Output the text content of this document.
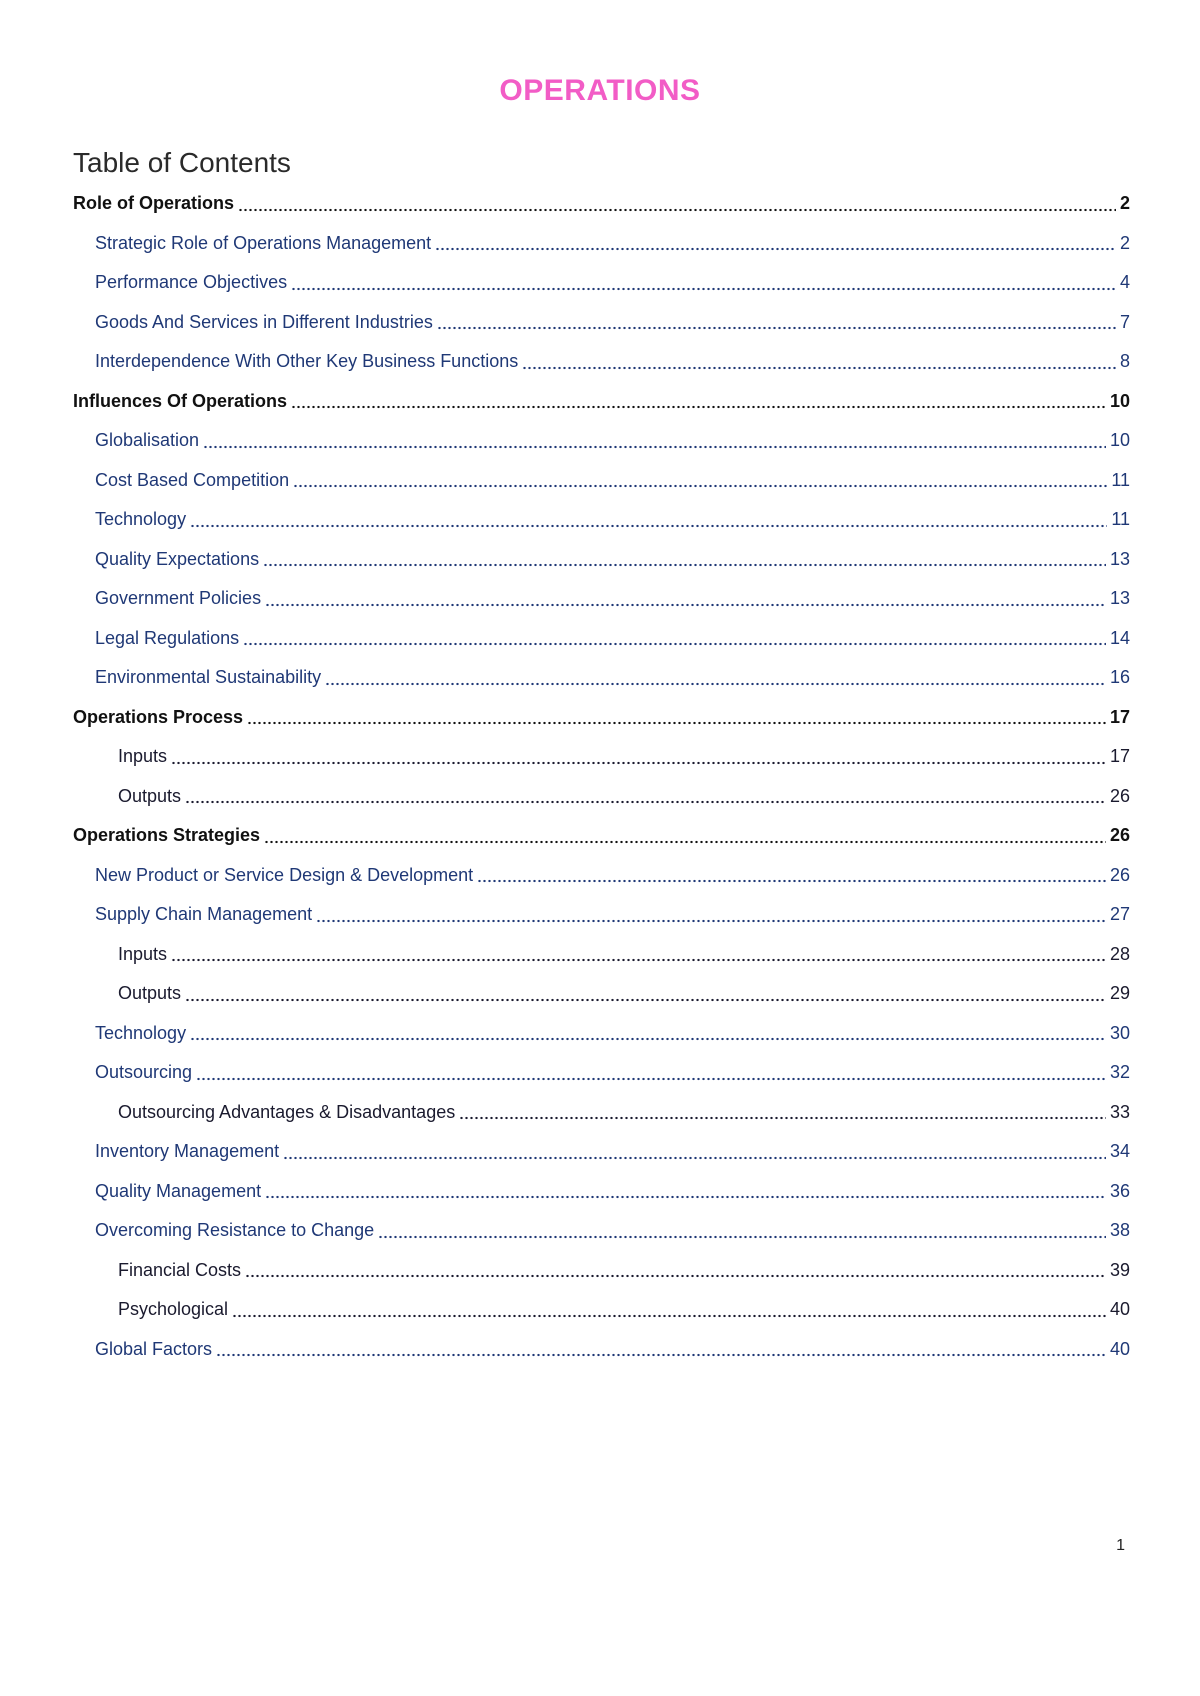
OPERATIONS
Table of Contents
Role of Operations	2
Strategic Role of Operations Management	2
Performance Objectives	4
Goods And Services in Different Industries	7
Interdependence With Other Key Business Functions	8
Influences Of Operations	10
Globalisation	10
Cost Based Competition	11
Technology	11
Quality Expectations	13
Government Policies	13
Legal Regulations	14
Environmental Sustainability	16
Operations Process	17
Inputs	17
Outputs	26
Operations Strategies	26
New Product or Service Design & Development	26
Supply Chain Management	27
Inputs	28
Outputs	29
Technology	30
Outsourcing	32
Outsourcing Advantages & Disadvantages	33
Inventory Management	34
Quality Management	36
Overcoming Resistance to Change	38
Financial Costs	39
Psychological	40
Global Factors	40
1
